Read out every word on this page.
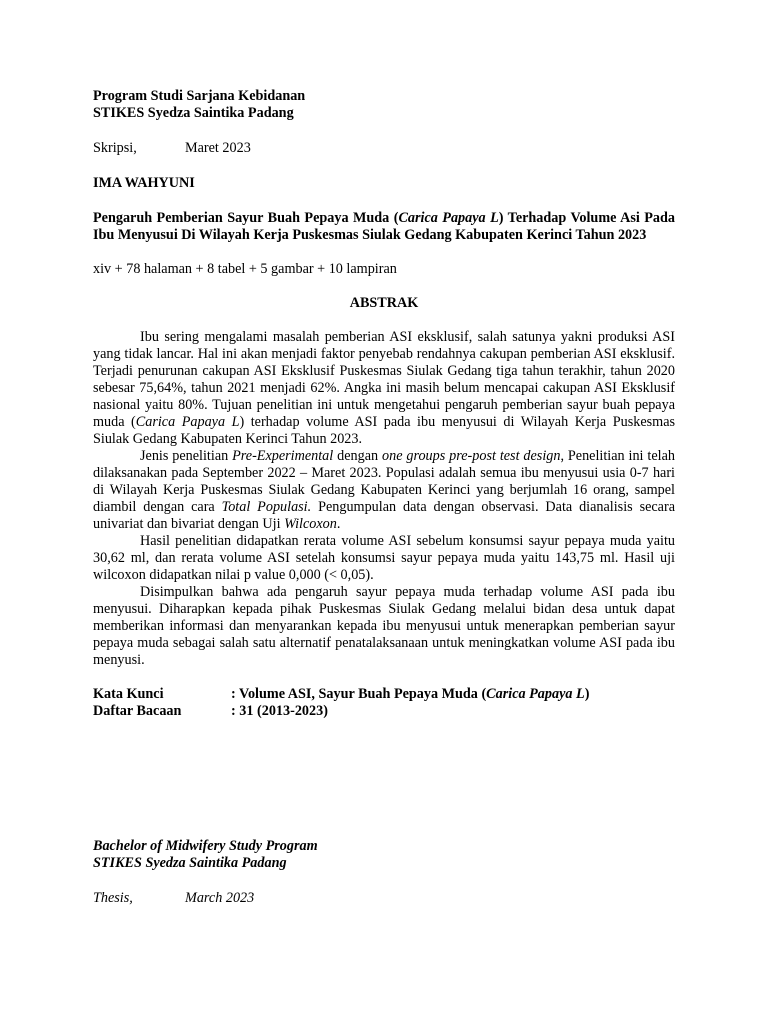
Program Studi Sarjana Kebidanan
STIKES Syedza Saintika Padang
Skripsi,	Maret 2023
IMA WAHYUNI
Pengaruh Pemberian Sayur Buah Pepaya Muda (Carica Papaya L) Terhadap Volume Asi Pada Ibu Menyusui Di Wilayah Kerja Puskesmas Siulak Gedang Kabupaten Kerinci Tahun 2023
xiv + 78 halaman + 8 tabel + 5 gambar + 10 lampiran
ABSTRAK

Ibu sering mengalami masalah pemberian ASI eksklusif, salah satunya yakni produksi ASI yang tidak lancar. Hal ini akan menjadi faktor penyebab rendahnya cakupan pemberian ASI eksklusif. Terjadi penurunan cakupan ASI Eksklusif Puskesmas Siulak Gedang tiga tahun terakhir, tahun 2020 sebesar 75,64%, tahun 2021 menjadi 62%. Angka ini masih belum mencapai cakupan ASI Eksklusif nasional yaitu 80%. Tujuan penelitian ini untuk mengetahui pengaruh pemberian sayur buah pepaya muda (Carica Papaya L) terhadap volume ASI pada ibu menyusui di Wilayah Kerja Puskesmas Siulak Gedang Kabupaten Kerinci Tahun 2023.

Jenis penelitian Pre-Experimental dengan one groups pre-post test design, Penelitian ini telah dilaksanakan pada September 2022 – Maret 2023. Populasi adalah semua ibu menyusui usia 0-7 hari di Wilayah Kerja Puskesmas Siulak Gedang Kabupaten Kerinci yang berjumlah 16 orang, sampel diambil dengan cara Total Populasi. Pengumpulan data dengan observasi. Data dianalisis secara univariat dan bivariat dengan Uji Wilcoxon.

Hasil penelitian didapatkan rerata volume ASI sebelum konsumsi sayur pepaya muda yaitu 30,62 ml, dan rerata volume ASI setelah konsumsi sayur pepaya muda yaitu 143,75 ml. Hasil uji wilcoxon didapatkan nilai p value 0,000 (< 0,05).

Disimpulkan bahwa ada pengaruh sayur pepaya muda terhadap volume ASI pada ibu menyusui. Diharapkan kepada pihak Puskesmas Siulak Gedang melalui bidan desa untuk dapat memberikan informasi dan menyarankan kepada ibu menyusui untuk menerapkan pemberian sayur pepaya muda sebagai salah satu alternatif penatalaksanaan untuk meningkatkan volume ASI pada ibu menyusi.

Kata Kunci	: Volume ASI, Sayur Buah Pepaya Muda (Carica Papaya L)
Daftar Bacaan	: 31 (2013-2023)
Bachelor of Midwifery Study Program
STIKES Syedza Saintika Padang
Thesis,	March 2023
